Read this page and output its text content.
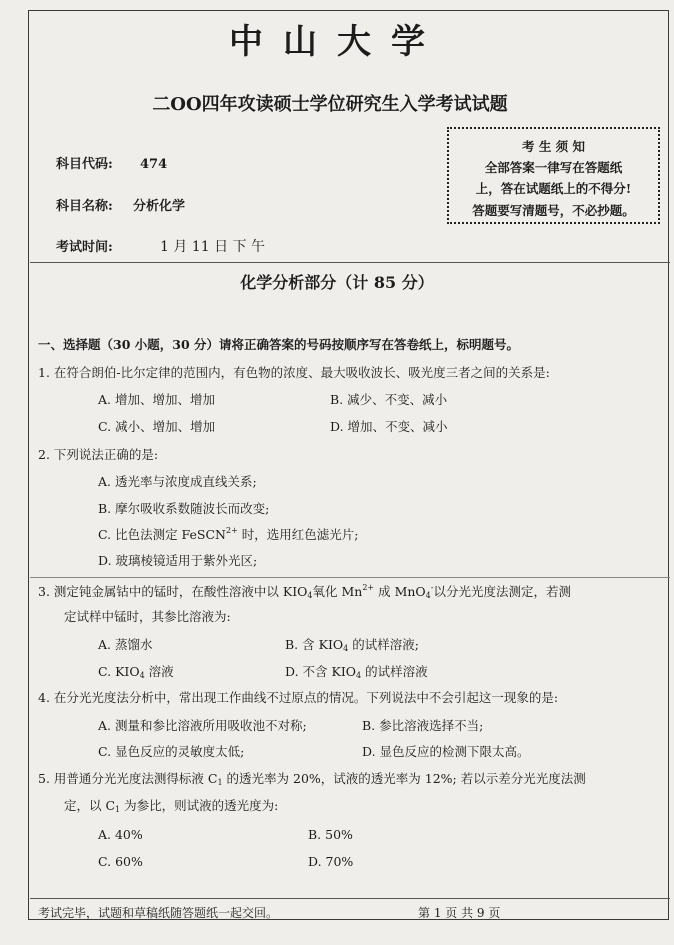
中山大学
二OO四年攻读硕士学位研究生入学考试试题
科目代码: 474
科目名称: 分析化学
考试时间:	1 月 11 日 下 午
考 生 须 知
全部答案一律写在答题纸
上，答在试题纸上的不得分!
答题要写清题号，不必抄题。
化学分析部分（计 85 分）
一、选择题（30 小题，30 分）请将正确答案的号码按顺序写在答卷纸上，标明题号。
1. 在符合朗伯-比尔定律的范围内，有色物的浓度、最大吸收波长、吸光度三者之间的关系是:
A. 增加、增加、增加	B. 减少、不变、减小
C. 减小、增加、增加	D. 增加、不变、减小
2. 下列说法正确的是:
A. 透光率与浓度成直线关系;
B. 摩尔吸收系数随波长而改变;
C. 比色法测定 FeSCN$^{2+}$ 时，选用红色滤光片;
D. 玻璃棱镜适用于紫外光区;
3. 测定钝金属钴中的锰时，在酸性溶液中以 $KIO_4$氧化 $Mn^{2+}$ 成 MnO$_4$-以分光光度法测定，若测
定试样中锰时，其参比溶液为:
A. 蒸馏水	B. 含 $KIO_4$ 的试样溶液;
C. $KIO_4$ 溶液	D. 不含 $KIO_4$ 的试样溶液
4. 在分光光度法分析中，常出现工作曲线不过原点的情况。下列说法中不会引起这一现象的是:
A. 测量和参比溶液所用吸收池不对称;	B. 参比溶液选择不当;
C. 显色反应的灵敏度太低;	D. 显色反应的检测下限太高。
5. 用普通分光光度法测得标液 $C_1$ 的透光率为 20%，试液的透光率为 12%; 若以示差分光光度法测
定，以 $C_1$ 为参比，则试液的透光度为:
A. 40%	B. 50%
C. 60%	D. 70%
考试完毕，试题和草稿纸随答题纸一起交回。	第 1 页 共 9 页
